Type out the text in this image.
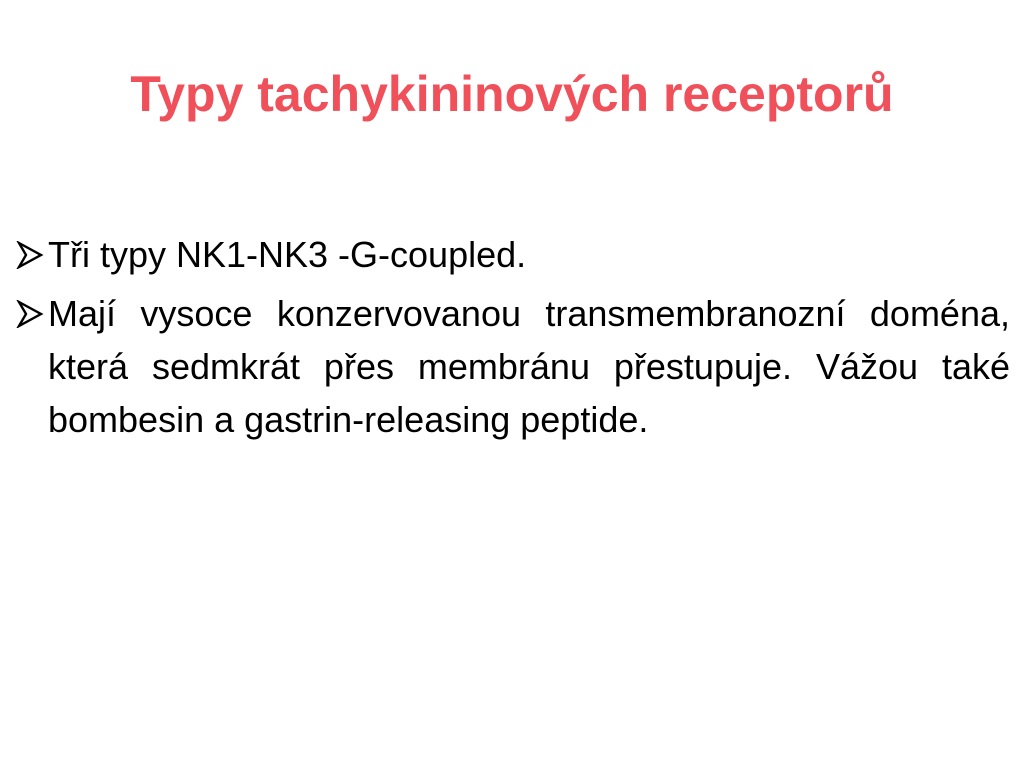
Typy tachykininových receptorů
Tři typy NK1-NK3 -G-coupled.
Mají vysoce konzervovanou transmembranozní doména, která sedmkrát přes membránu přestupuje. Vážou také bombesin a gastrin-releasing peptide.
